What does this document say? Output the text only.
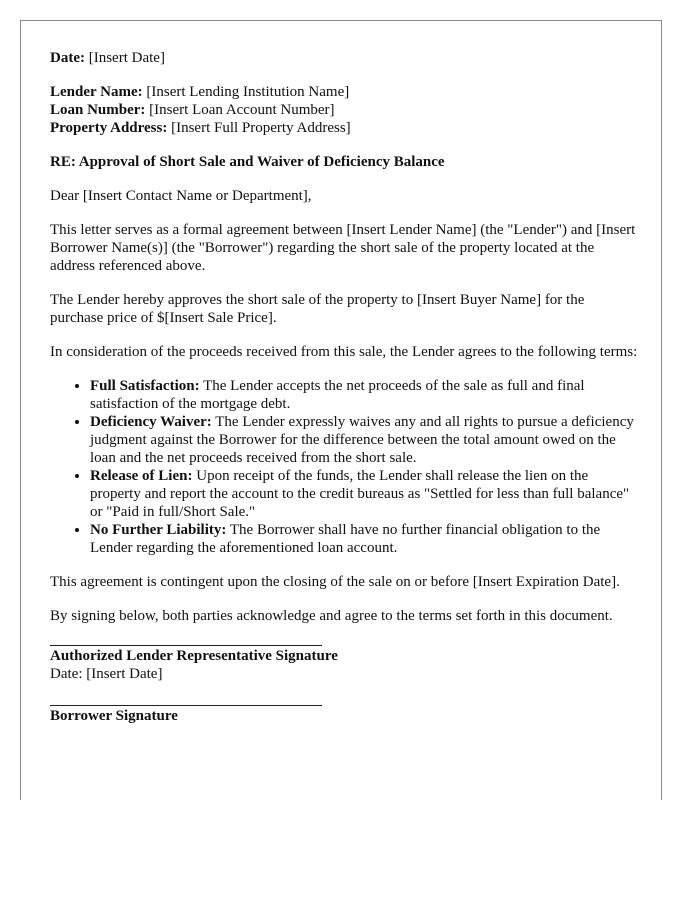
Date: [Insert Date]

Lender Name: [Insert Lending Institution Name]

Loan Number: [Insert Loan Account Number]

Property Address: [Insert Full Property Address]

RE: Approval of Short Sale and Waiver of Deficiency Balance

Dear [Insert Contact Name or Department],

This letter serves as a formal agreement between [Insert Lender Name] (the "Lender") and [Insert Borrower Name(s)] (the "Borrower") regarding the short sale of the property located at the address referenced above.

The Lender hereby approves the short sale of the property to [Insert Buyer Name] for the purchase price of $[Insert Sale Price].

In consideration of the proceeds received from this sale, the Lender agrees to the following terms:

• Full Satisfaction: The Lender accepts the net proceeds of the sale as full and final satisfaction of the mortgage debt.
• Deficiency Waiver: The Lender expressly waives any and all rights to pursue a deficiency judgment against the Borrower for the difference between the total amount owed on the loan and the net proceeds received from the short sale.
• Release of Lien: Upon receipt of the funds, the Lender shall release the lien on the property and report the account to the credit bureaus as "Settled for less than full balance" or "Paid in full/Short Sale."
• No Further Liability: The Borrower shall have no further financial obligation to the Lender regarding the aforementioned loan account.

This agreement is contingent upon the closing of the sale on or before [Insert Expiration Date].

By signing below, both parties acknowledge and agree to the terms set forth in this document.

Authorized Lender Representative Signature

Date: [Insert Date]

Borrower Signature
